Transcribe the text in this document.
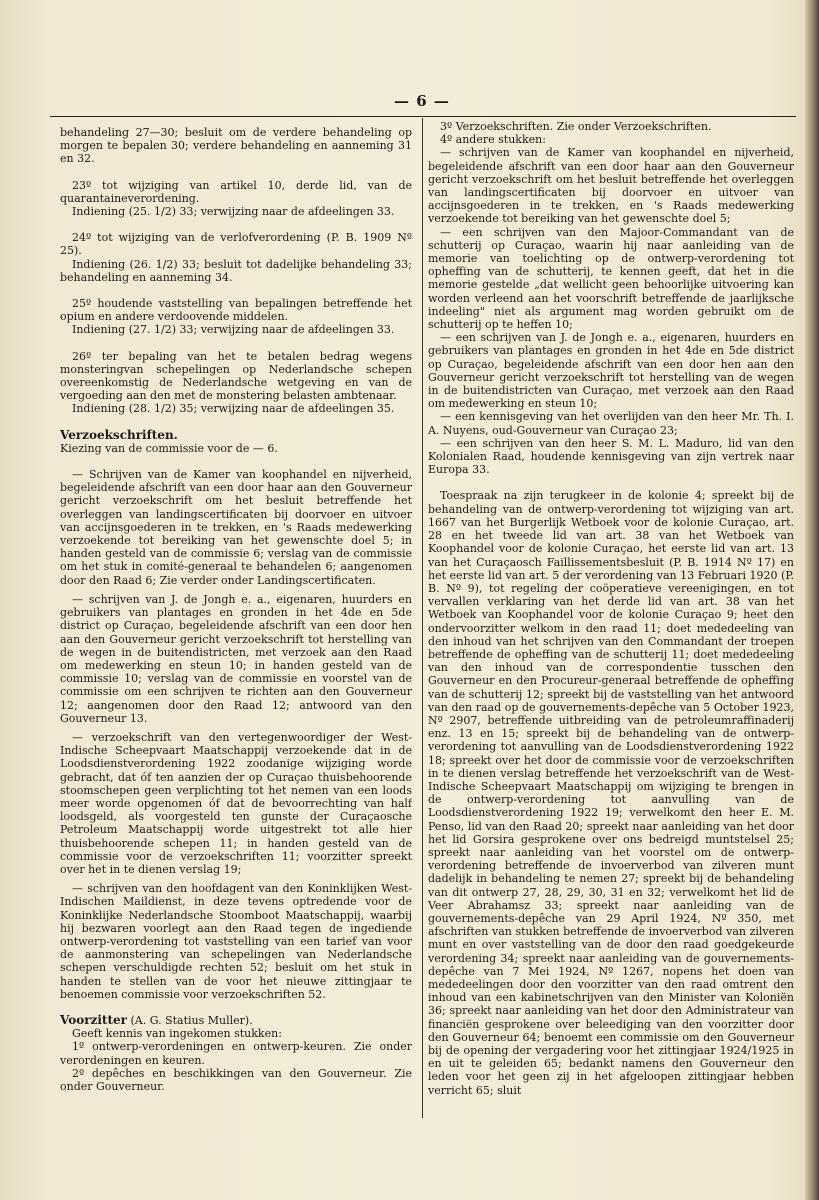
— 6 —

behandeling 27—30; besluit om de verdere behandeling op morgen te bepalen 30; verdere behandeling en aanneming 31 en 32.

23º tot wijziging van artikel 10, derde lid, van de quarantaineverordening.

Indiening (25. 1/2) 33; verwijzing naar de afdeelingen 33.

24º tot wijziging van de verlofverordening (P. B. 1909 Nº 25).

Indiening (26. 1/2) 33; besluit tot dadelijke behandeling 33; behandeling en aanneming 34.

25º houdende vaststelling van bepalingen betreffende het opium en andere verdoovende middelen.

Indiening (27. 1/2) 33; verwijzing naar de afdeelingen 33.

26º ter bepaling van het te betalen bedrag wegens monsteringvan schepelingen op Nederlandsche schepen overeenkomstig de Nederlandsche wetgeving en van de vergoeding aan den met de monstering belasten ambtenaar.

Indiening (28. 1/2) 35; verwijzing naar de afdeelingen 35.

Verzoekschriften.

Kiezing van de commissie voor de — 6.

— Schrijven van de Kamer van koophandel en nijverheid, begeleidende afschrift van een door haar aan den Gouverneur gericht verzoekschrift om het besluit betreffende het overleggen van landingscertificaten bij doorvoer en uitvoer van accijnsgoederen in te trekken, en 's Raads medewerking verzoekende tot bereiking van het gewenschte doel 5; in handen gesteld van de commissie 6; verslag van de commissie om het stuk in comité-generaal te behandelen 6; aangenomen door den Raad 6; Zie verder onder Landingscertificaten.

— schrijven van J. de Jongh e. a., eigenaren, huurders en gebruikers van plantages en gronden in het 4de en 5de district op Curaçao, begeleidende afschrift van een door hen aan den Gouverneur gericht verzoekschrift tot herstelling van de wegen in de buitendistricten, met verzoek aan den Raad om medewerking en steun 10; in handen gesteld van de commissie 10; verslag van de commissie en voorstel van de commissie om een schrijven te richten aan den Gouverneur 12; aangenomen door den Raad 12; antwoord van den Gouverneur 13.

— verzoekschrift van den vertegenwoordiger der West-Indische Scheepvaart Maatschappij verzoekende dat in de Loodsdienstverordening 1922 zoodanige wijziging worde gebracht, dat óf ten aanzien der op Curaçao thuisbehoorende stoomschepen geen verplichting tot het nemen van een loods meer worde opgenomen óf dat de bevoorrechting van half loodsgeld, als voorgesteld ten gunste der Curaçaosche Petroleum Maatschappij worde uitgestrekt tot alle hier thuisbehoorende schepen 11; in handen gesteld van de commissie voor de verzoekschriften 11; voorzitter spreekt over het in te dienen verslag 19;

— schrijven van den hoofdagent van den Koninklijken West-Indischen Maildienst, in deze tevens optredende voor de Koninklijke Nederlandsche Stoomboot Maatschappij, waarbij hij bezwaren voorlegt aan den Raad tegen de ingediende ontwerp-verordening tot vaststelling van een tarief van voor de aanmonstering van schepelingen van Nederlandsche schepen verschuldigde rechten 52; besluit om het stuk in handen te stellen van de voor het nieuwe zittingjaar te benoemen commissie voor verzoekschriften 52.

Voorzitter (A. G. Statius Muller).

Geeft kennis van ingekomen stukken:

1º ontwerp-verordeningen en ontwerp-keuren. Zie onder verordeningen en keuren.

2º depêches en beschikkingen van den Gouverneur. Zie onder Gouverneur.

3º Verzoekschriften. Zie onder Verzoekschriften.

4º andere stukken:

— schrijven van de Kamer van koophandel en nijverheid, begeleidende afschrift van een door haar aan den Gouverneur gericht verzoekschrift om het besluit betreffende het overleggen van landingscertificaten bij doorvoer en uitvoer van accijnsgoederen in te trekken, en 's Raads medewerking verzoekende tot bereiking van het gewenschte doel 5;

— een schrijven van den Majoor-Commandant van de schutterij op Curaçao, waarin hij naar aanleiding van de memorie van toelichting op de ontwerp-verordening tot opheffing van de schutterij, te kennen geeft, dat het in die memorie gestelde „dat wellicht geen behoorlijke uitvoering kan worden verleend aan het voorschrift betreffende de jaarlijksche indeeling" niet als argument mag worden gebruikt om de schutterij op te heffen 10;

— een schrijven van J. de Jongh e. a., eigenaren, huurders en gebruikers van plantages en gronden in het 4de en 5de district op Curaçao, begeleidende afschrift van een door hen aan den Gouverneur gericht verzoekschrift tot herstelling van de wegen in de buitendistricten van Curaçao, met verzoek aan den Raad om medewerking en steun 10;

— een kennisgeving van het overlijden van den heer Mr. Th. I. A. Nuyens, oud-Gouverneur van Curaçao 23;

— een schrijven van den heer S. M. L. Maduro, lid van den Kolonialen Raad, houdende kennisgeving van zijn vertrek naar Europa 33.

Toespraak na zijn terugkeer in de kolonie 4; spreekt bij de behandeling van de ontwerp-verordening tot wijziging van art. 1667 van het Burgerlijk Wetboek voor de kolonie Curaçao, art. 28 en het tweede lid van art. 38 van het Wetboek van Koophandel voor de kolonie Curaçao, het eerste lid van art. 13 van het Curaçaosch Faillissementsbesluit (P. B. 1914 Nº 17) en het eerste lid van art. 5 der verordening van 13 Februari 1920 (P. B. Nº 9), tot regeling der coöperatieve vereenigingen, en tot vervallen verklaring van het derde lid van art. 38 van het Wetboek van Koophandel voor de kolonie Curaçao 9; heet den ondervoorzitter welkom in den raad 11; doet mededeeling van den inhoud van het schrijven van den Commandant der troepen betreffende de opheffing van de schutterij 11; doet mededeeling van den inhoud van de correspondentie tusschen den Gouverneur en den Procureur-generaal betreffende de opheffing van de schutterij 12; spreekt bij de vaststelling van het antwoord van den raad op de gouvernements-depêche van 5 October 1923, Nº 2907, betreffende uitbreiding van de petroleumraffinaderij enz. 13 en 15; spreekt bij de behandeling van de ontwerp-verordening tot aanvulling van de Loodsdienstverordening 1922 18; spreekt over het door de commissie voor de verzoekschriften in te dienen verslag betreffende het verzoekschrift van de West-Indische Scheepvaart Maatschappij om wijziging te brengen in de ontwerp-verordening tot aanvulling van de Loodsdienstverordening 1922 19; verwelkomt den heer E. M. Penso, lid van den Raad 20; spreekt naar aanleiding van het door het lid Gorsira gesprokene over ons bedreigd muntstelsel 25; spreekt naar aanleiding van het voorstel om de ontwerp-verordening betreffende de invoerverbod van zilveren munt dadelijk in behandeling te nemen 27; spreekt bij de behandeling van dit ontwerp 27, 28, 29, 30, 31 en 32; verwelkomt het lid de Veer Abrahamsz 33; spreekt naar aanleiding van de gouvernements-depêche van 29 April 1924, Nº 350, met afschriften van stukken betreffende de invoerverbod van zilveren munt en over vaststelling van de door den raad goedgekeurde verordening 34; spreekt naar aanleiding van de gouvernements-depêche van 7 Mei 1924, Nº 1267, nopens het doen van mededeelingen door den voorzitter van den raad omtrent den inhoud van een kabinetschrijven van den Minister van Koloniën 36; spreekt naar aanleiding van het door den Administrateur van financiën gesprokene over beleediging van den voorzitter door den Gouverneur 64; benoemt een commissie om den Gouverneur bij de opening der vergadering voor het zittingjaar 1924/1925 in en uit te geleiden 65; bedankt namens den Gouverneur den leden voor het geen zij in het afgeloopen zittingjaar hebben verricht 65; sluit
